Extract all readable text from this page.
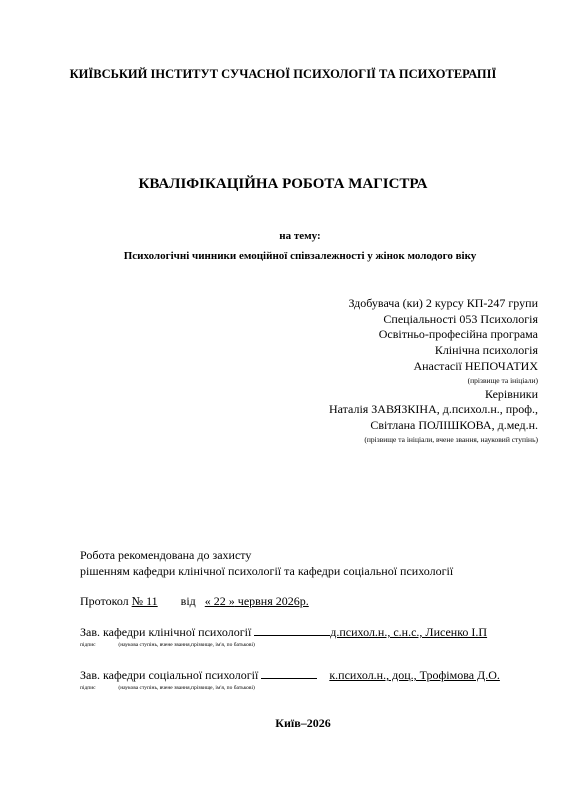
КИЇВСЬКИЙ ІНСТИТУТ СУЧАСНОЇ ПСИХОЛОГІЇ ТА ПСИХОТЕРАПІЇ
КВАЛІФІКАЦІЙНА РОБОТА МАГІСТРА
на тему:
Психологічні чинники емоційної співзалежності у жінок молодого віку
Здобувача (ки) 2 курсу КП-247 групи
Спеціальності 053 Психологія
Освітньо-професійна програма
Клінічна психологія
Анастасії НЕПОЧАТИХ
(прізвище та ініціали)
Керівники
Наталія ЗАВЯЗКІНА, д.психол.н., проф.,
Світлана ПОЛІШКОВА, д.мед.н.
(прізвище та ініціали, вчене звання, науковий ступінь)
Робота рекомендована до захисту
рішенням кафедри клінічної психології та кафедри соціальної психології
Протокол № 11 від « 22 » червня 2026р.
Зав. кафедри клінічної психології	д.психол.н., с.н.с., Лисенко І.П
підпис	(наукова ступінь, вчене звання,прізвище, ім'я, по батькові)
Зав. кафедри соціальної психології	к.психол.н., доц., Трофімова Д.О.
підпис	(наукова ступінь, вчене звання,прізвище, ім'я, по батькові)
Київ–2026
